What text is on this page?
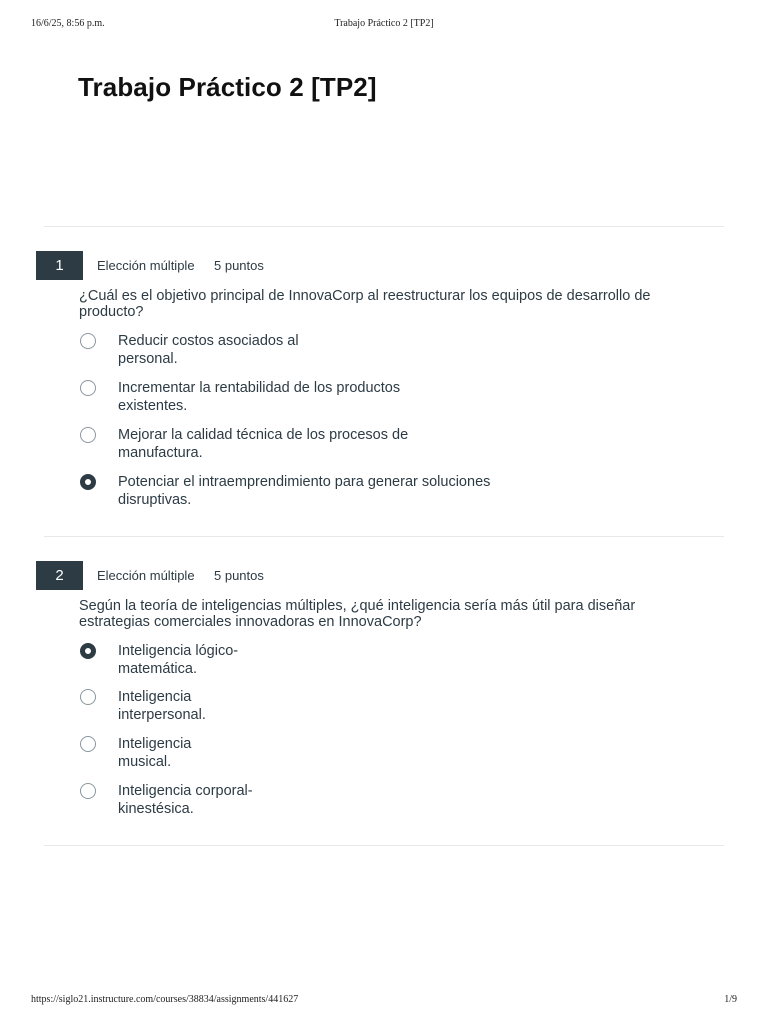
16/6/25, 8:56 p.m.	Trabajo Práctico 2 [TP2]
Trabajo Práctico 2 [TP2]
1	Elección múltiple 5 puntos
¿Cuál es el objetivo principal de InnovaCorp al reestructurar los equipos de desarrollo de
producto?
Reducir costos asociados al
personal.
Incrementar la rentabilidad de los productos
existentes.
Mejorar la calidad técnica de los procesos de
manufactura.
Potenciar el intraemprendimiento para generar soluciones
disruptivas.
2	Elección múltiple 5 puntos
Según la teoría de inteligencias múltiples, ¿qué inteligencia sería más útil para diseñar
estrategias comerciales innovadoras en InnovaCorp?
Inteligencia lógico-
matemática.
Inteligencia
interpersonal.
Inteligencia
musical.
Inteligencia corporal-
kinestésica.
https://siglo21.instructure.com/courses/38834/assignments/441627	1/9
